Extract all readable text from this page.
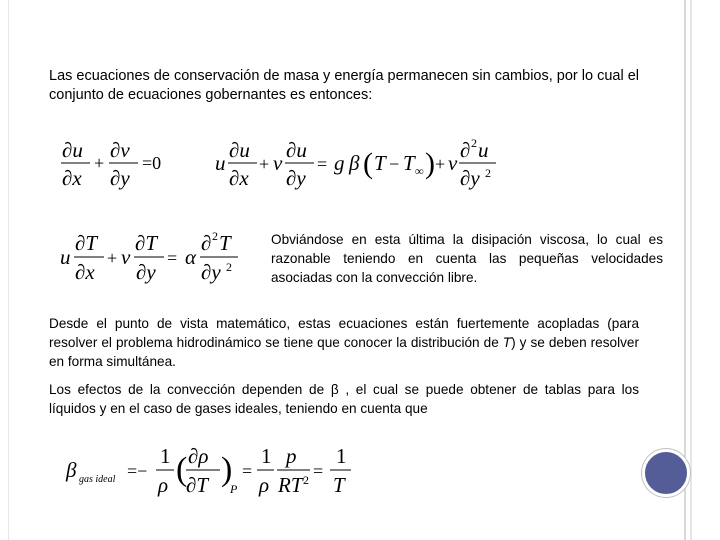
Las ecuaciones de conservación de masa y energía permanecen sin cambios, por lo cual el conjunto de ecuaciones gobernantes es entonces:
∂u
∂x
+
∂v
∂y
=0	u
∂u
∂x
+ v
∂u
∂y
= g β ( T − T ∞ ) + ν
∂ 2 u
∂y 2
u
∂T
∂x
+ v
∂T
∂y
= α
∂ 2 T
∂y 2
Obviándose en esta última la disipación viscosa, lo cual es razonable teniendo en cuenta las pequeñas velocidades asociadas con la convección libre.
Desde el punto de vista matemático, estas ecuaciones están fuertemente acopladas (para resolver el problema hidrodinámico se tiene que conocer la distribución de T) y se deben resolver en forma simultánea.
Los efectos de la convección dependen de β , el cual se puede obtener de tablas para los líquidos y en el caso de gases ideales, teniendo en cuenta que
β gas ideal =−
1
ρ ( ∂ρ
∂T )
P
=
1
ρ
p
RT 2 =
1
T
